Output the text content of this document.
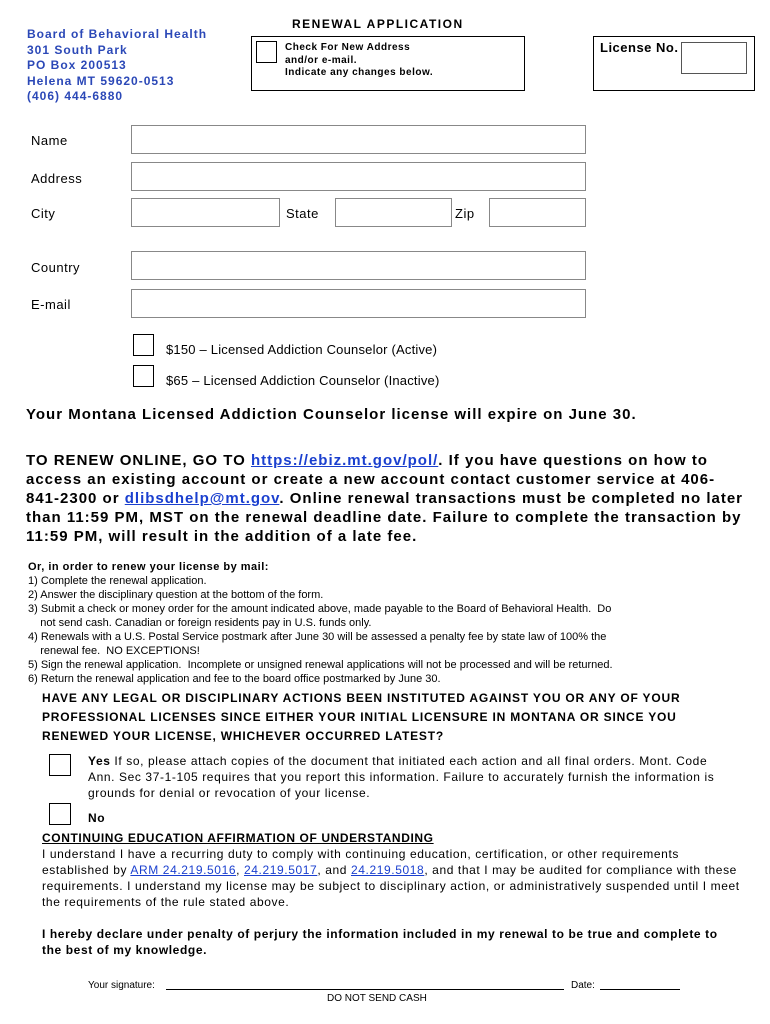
Board of Behavioral Health
301 South Park
PO Box 200513
Helena MT 59620-0513
(406) 444-6880
RENEWAL APPLICATION
Check For New Address
and/or e-mail.
Indicate any changes below.
License No.
Name
Address
City	State	Zip
Country
E-mail
$150 – Licensed Addiction Counselor (Active)
$65 – Licensed Addiction Counselor (Inactive)
Your Montana Licensed Addiction Counselor license will expire on June 30.
TO RENEW ONLINE, GO TO https://ebiz.mt.gov/pol/. If you have questions on how to access an existing account or create a new account contact customer service at 406-841-2300 or dlibsdhelp@mt.gov. Online renewal transactions must be completed no later than 11:59 PM, MST on the renewal deadline date. Failure to complete the transaction by 11:59 PM, will result in the addition of a late fee.
Or, in order to renew your license by mail:
1) Complete the renewal application.
2) Answer the disciplinary question at the bottom of the form.
3) Submit a check or money order for the amount indicated above, made payable to the Board of Behavioral Health.  Do
not send cash. Canadian or foreign residents pay in U.S. funds only.
4) Renewals with a U.S. Postal Service postmark after June 30 will be assessed a penalty fee by state law of 100% the
renewal fee.  NO EXCEPTIONS!
5) Sign the renewal application.  Incomplete or unsigned renewal applications will not be processed and will be returned.
6) Return the renewal application and fee to the board office postmarked by June 30.
HAVE ANY LEGAL OR DISCIPLINARY ACTIONS BEEN INSTITUTED AGAINST YOU OR ANY OF YOUR PROFESSIONAL LICENSES SINCE EITHER YOUR INITIAL LICENSURE IN MONTANA OR SINCE YOU RENEWED YOUR LICENSE, WHICHEVER OCCURRED LATEST?
Yes If so, please attach copies of the document that initiated each action and all final orders. Mont. Code Ann. Sec 37-1-105 requires that you report this information. Failure to accurately furnish the information is grounds for denial or revocation of your license.
No
CONTINUING EDUCATION AFFIRMATION OF UNDERSTANDING
I understand I have a recurring duty to comply with continuing education, certification, or other requirements established by ARM 24.219.5016, 24.219.5017, and 24.219.5018, and that I may be audited for compliance with these requirements. I understand my license may be subject to disciplinary action, or administratively suspended until I meet the requirements of the rule stated above.
I hereby declare under penalty of perjury the information included in my renewal to be true and complete to the best of my knowledge.
Your signature:	Date:
DO NOT SEND CASH
